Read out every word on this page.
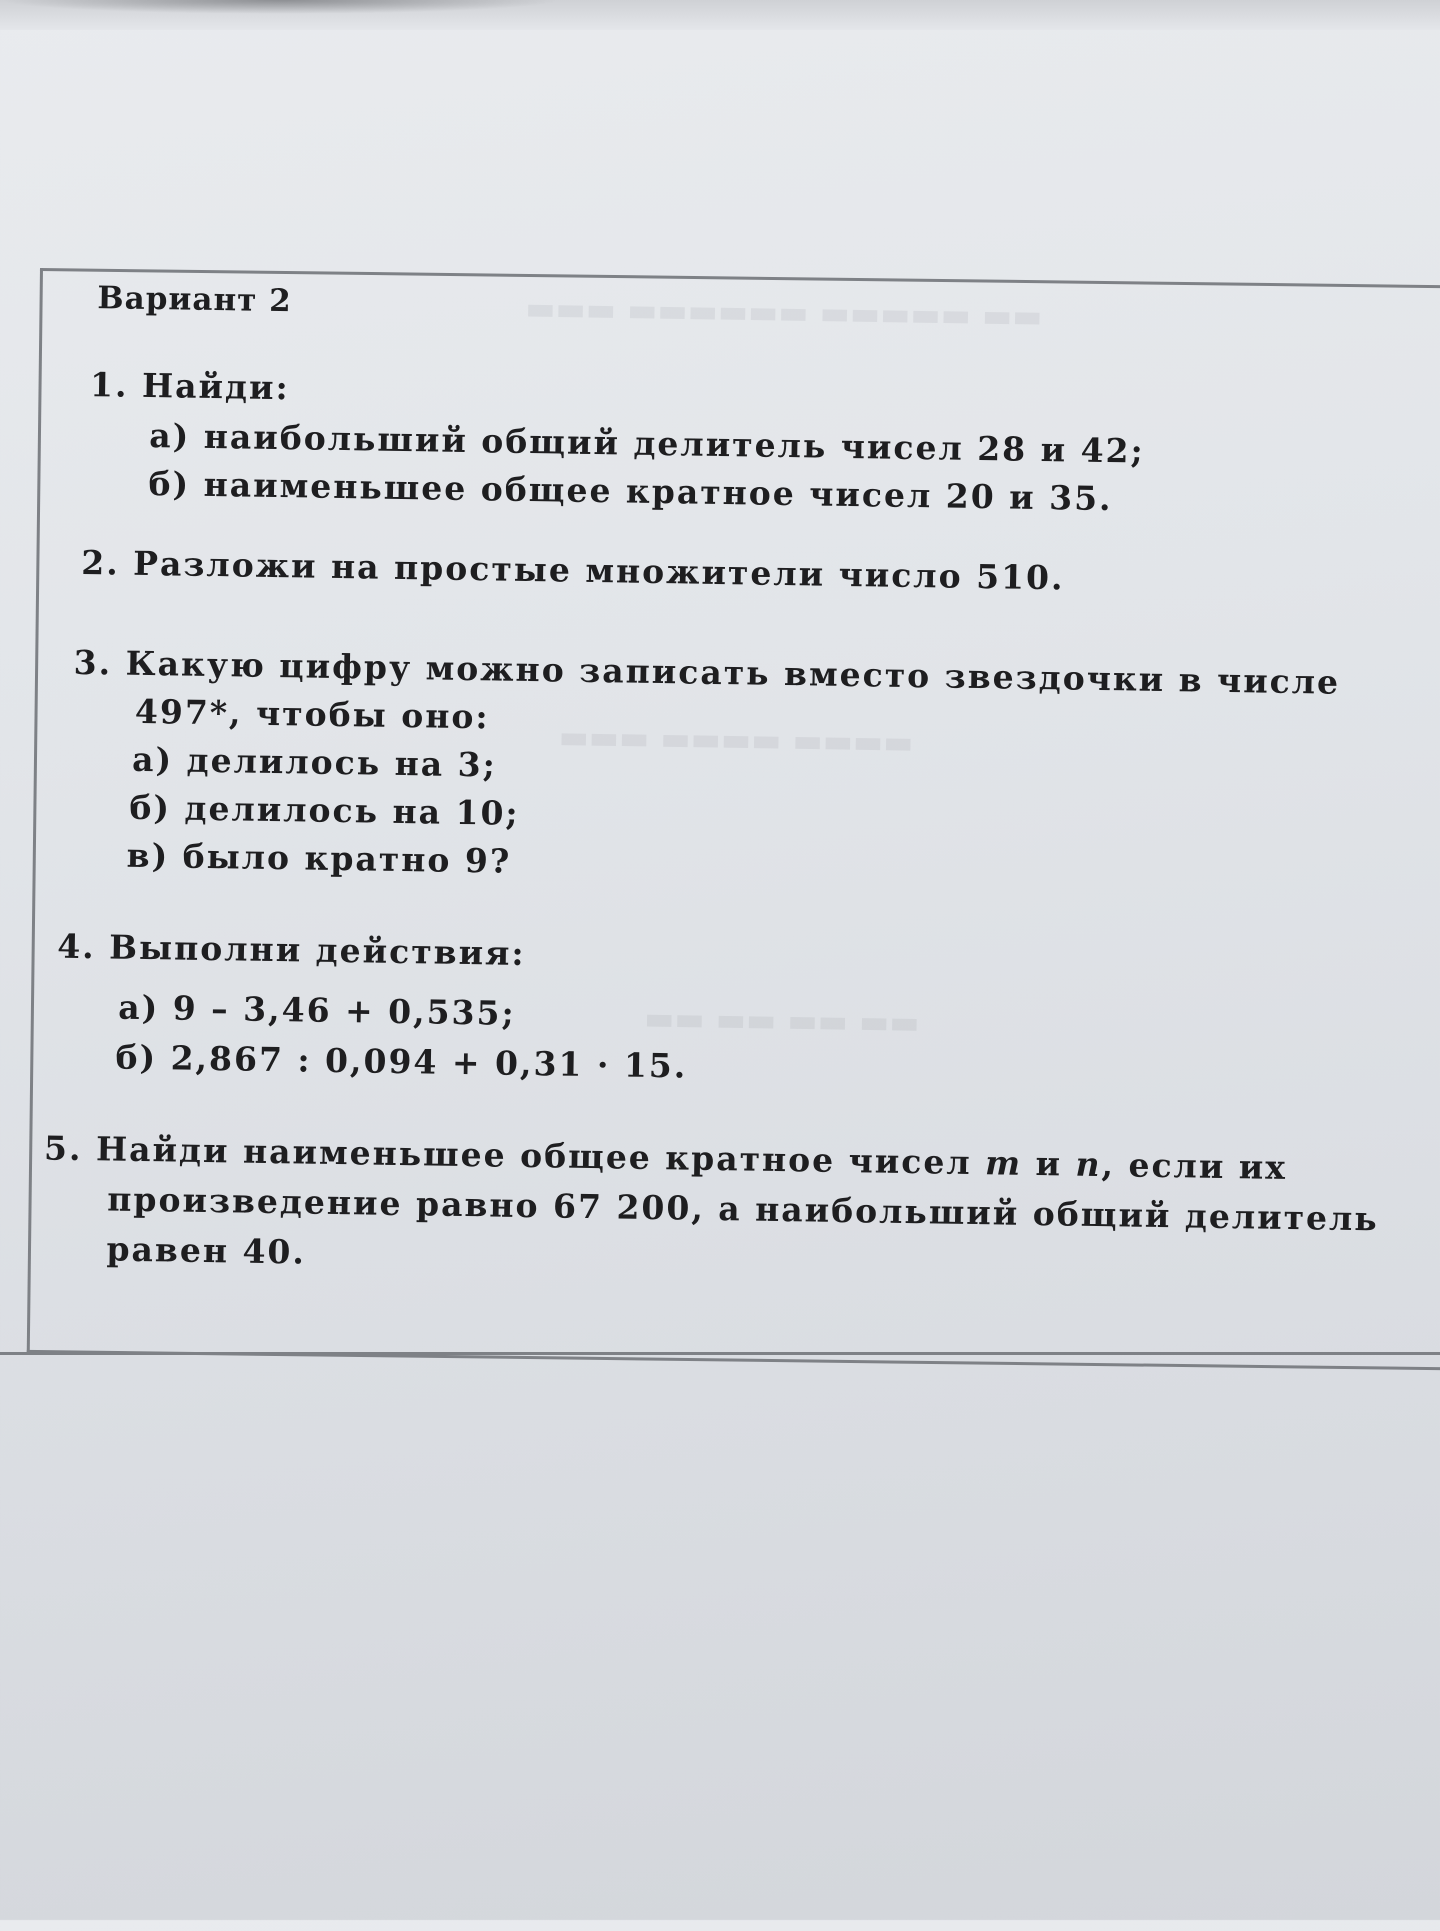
▬▬▬ ▬▬▬▬▬▬ ▬▬▬▬▬ ▬▬
▬▬▬ ▬▬▬▬ ▬▬▬▬
▬▬ ▬▬ ▬▬ ▬▬
Вариант 2
1. Найди:
а) наибольший общий делитель чисел 28 и 42;
б) наименьшее общее кратное чисел 20 и 35.
2. Разложи на простые множители число 510.
3. Какую цифру можно записать вместо звездочки в числе
497*, чтобы оно:
а) делилось на 3;
б) делилось на 10;
в) было кратно 9?
4. Выполни действия:
а) 9 – 3,46 + 0,535;
б) 2,867 : 0,094 + 0,31 · 15.
5. Найди наименьшее общее кратное чисел m и n, если их
произведение равно 67 200, а наибольший общий делитель
равен 40.
